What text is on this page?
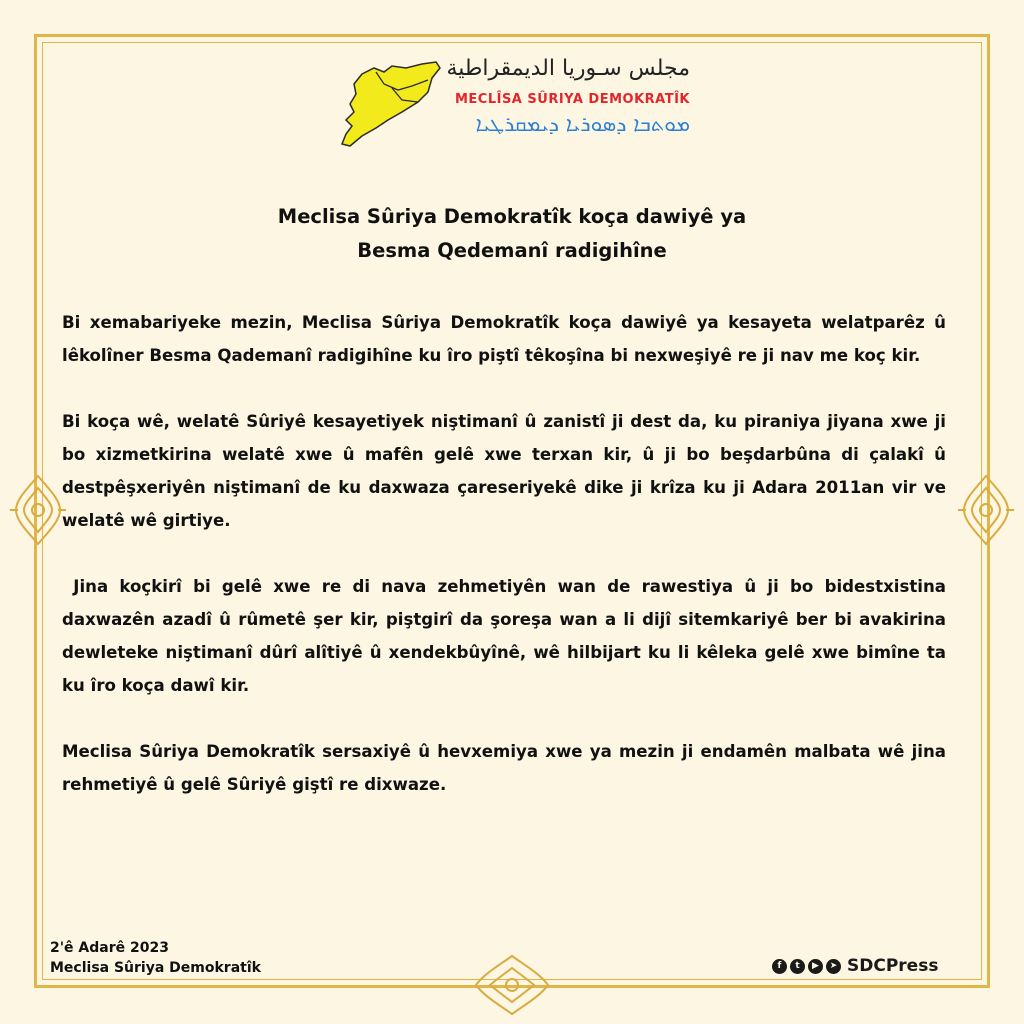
مجلس سـوريا الديمقراطية
MECLÎSA SÛRIYA DEMOKRATÎK
ܡܘܬܒܐ ܕܣܘܪܝܐ ܕܝܡܩܪܛܝܐ
Meclisa Sûriya Demokratîk koça dawiyê ya
Besma Qedemanî radigihîne

Bi xemabariyeke mezin, Meclisa Sûriya Demokratîk koça dawiyê ya kesayeta welatparêz û lêkolîner Besma Qademanî radigihîne ku îro piştî têkoşîna bi nexweşiyê re ji nav me koç kir.

Bi koça wê, welatê Sûriyê kesayetiyek niştimanî û zanistî ji dest da, ku piraniya jiyana xwe ji bo xizmetkirina welatê xwe û mafên gelê xwe terxan kir, û ji bo beşdarbûna di çalakî û destpêşxeriyên niştimanî de ku daxwaza çareseriyekê dike ji krîza ku ji Adara 2011an vir ve welatê wê girtiye.

Jina koçkirî bi gelê xwe re di nava zehmetiyên wan de rawestiya û ji bo bidestxistina daxwazên azadî û rûmetê şer kir, piştgirî da şoreşa wan a li dijî sitemkariyê ber bi avakirina dewleteke niştimanî dûrî alîtiyê û xendekbûyînê, wê hilbijart ku li kêleka gelê xwe bimîne ta ku îro koça dawî kir.

Meclisa Sûriya Demokratîk sersaxiyê û hevxemiya xwe ya mezin ji endamên malbata wê jina rehmetiyê û gelê Sûriyê giştî re dixwaze.

2'ê Adarê 2023
Meclisa Sûriya Demokratîk	f	t	▶	➤ SDCPress
